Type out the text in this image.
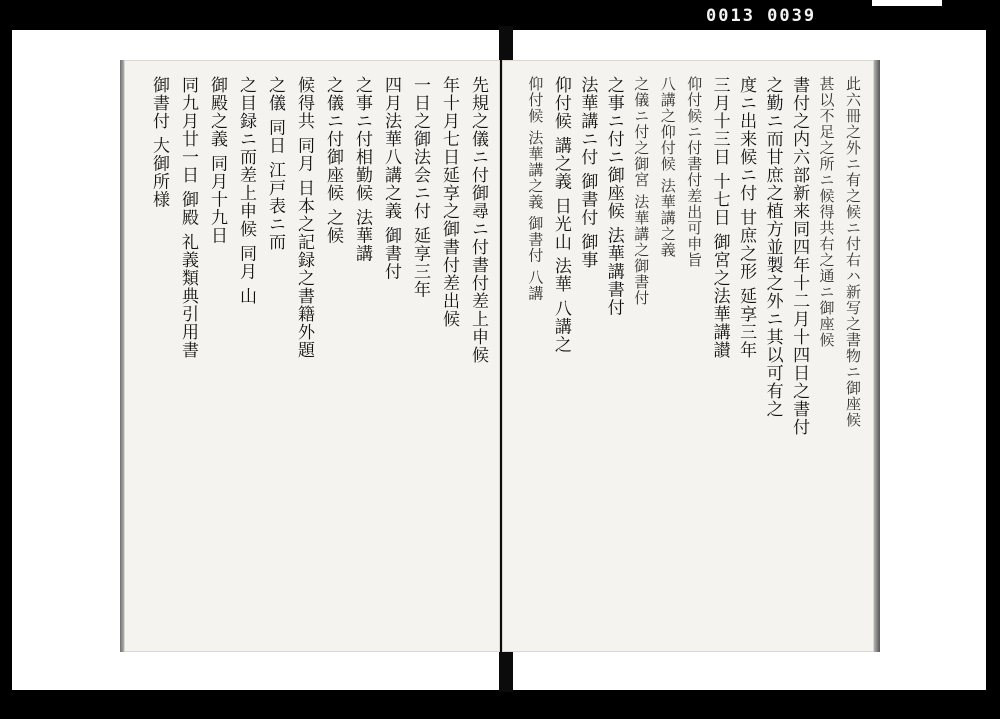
0013 0039
先規之儀ニ付御尋ニ付書付差上申候
年十月七日延享之御書付差出候
一日之御法会ニ付 延享三年
四月法華八講之義 御書付
之事ニ付相勤候 法華講
之儀ニ付御座候 之候
候得共 同月 日本之記録之書籍外題
之儀 同日 江戸表ニ而
之目録ニ而差上申候 同月 山
御殿之義 同月十九日
同九月廿一日 御殿 礼義類典引用書
御書付 大御所様	此六冊之外ニ有之候ニ付右ハ新写之書物ニ御座候
甚以不足之所ニ候得共右之通ニ御座候
書付之内六部新来同四年十二月十四日之書付
之勤ニ而甘庶之植方並製之外ニ其以可有之
度ニ出来候ニ付 甘庶之形 延享三年
三月十三日 十七日 御宮之法華講讃
仰付候ニ付書付差出可申旨
八講之仰付候 法華講之義
之儀ニ付之御宮 法華講之御書付
之事ニ付ニ御座候 法華講書付
法華講ニ付 御書付 御事
仰付候 講之義 日光山 法華 八講之
仰付候 法華講之義 御書付 八講
